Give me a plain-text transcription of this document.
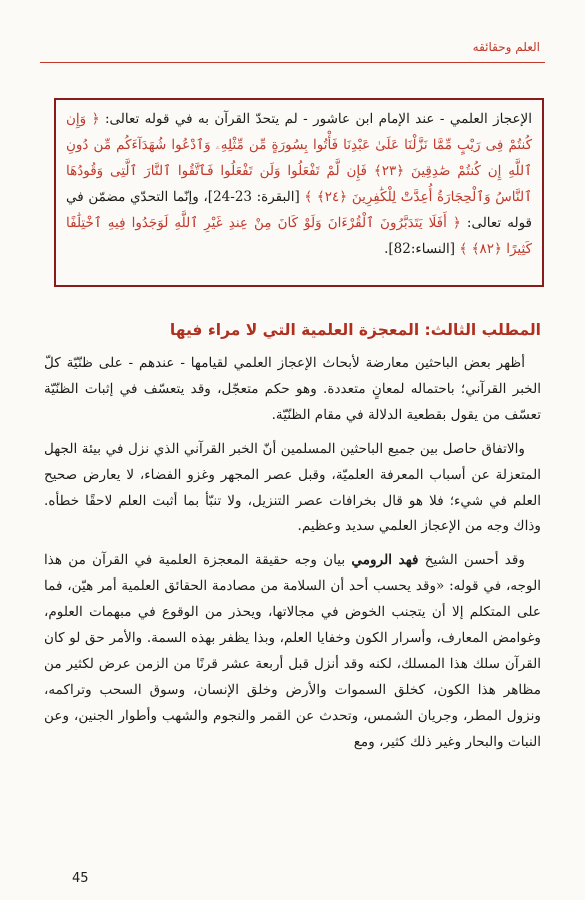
العلم وحقائقه
الإعجاز العلمي - عند الإمام ابن عاشور - لم يتحدّ القرآن به في قوله تعالى: ﴿ وَإِن كُنتُمْ فِى رَيْبٍ مِّمَّا نَزَّلْنَا عَلَىٰ عَبْدِنَا فَأْتُوا بِسُورَةٍ مِّن مِّثْلِهِۦ وَٱدْعُوا شُهَدَآءَكُم مِّن دُونِ ٱللَّهِ إِن كُنتُمْ صَٰدِقِينَ ﴿٢٣﴾ فَإِن لَّمْ تَفْعَلُوا وَلَن تَفْعَلُوا فَٱتَّقُوا ٱلنَّارَ ٱلَّتِى وَقُودُهَا ٱلنَّاسُ وَٱلْحِجَارَةُ أُعِدَّتْ لِلْكَٰفِرِينَ ﴿٢٤﴾ ﴾ [البقرة: 23-24]، وإنّما التحدّي مضمّن في قوله تعالى: ﴿ أَفَلَا يَتَدَبَّرُونَ ٱلْقُرْءَانَ وَلَوْ كَانَ مِنْ عِندِ غَيْرِ ٱللَّهِ لَوَجَدُوا فِيهِ ٱخْتِلَٰفًا كَثِيرًا ﴿٨٢﴾ ﴾ [النساء:82].
المطلب الثالث: المعجزة العلمية التي لا مراء فيها

أظهر بعض الباحثين معارضة لأبحاث الإعجاز العلمي لقيامها - عندهم - على ظنّيّة كلّ الخبر القرآني؛ باحتماله لمعانٍ متعددة. وهو حكم متعجّل، وقد يتعسّف في إثبات الظنّيّة تعسّف من يقول بقطعية الدلالة في مقام الظنّيّة.

والاتفاق حاصل بين جميع الباحثين المسلمين أنّ الخبر القرآني الذي نزل في بيئة الجهل المتعزلة عن أسباب المعرفة العلميّة، وقبل عصر المجهر وغزو الفضاء، لا يعارض صحيح العلم في شيء؛ فلا هو قال بخرافات عصر التنزيل، ولا تنبّأ بما أثبت العلم لاحقًا خطأه. وذاك وجه من الإعجاز العلمي سديد وعظيم.

وقد أحسن الشيخ فهد الرومي بيان وجه حقيقة المعجزة العلمية في القرآن من هذا الوجه، في قوله: «وقد يحسب أحد أن السلامة من مصادمة الحقائق العلمية أمر هيّن، فما على المتكلم إلا أن يتجنب الخوض في مجالاتها، ويحذر من الوقوع في مبهمات العلوم، وغوامض المعارف، وأسرار الكون وخفايا العلم، وبذا يظفر بهذه السمة. والأمر حق لو كان القرآن سلك هذا المسلك، لكنه وقد أنزل قبل أربعة عشر قرنًا من الزمن عرض لكثير من مظاهر هذا الكون، كخلق السموات والأرض وخلق الإنسان، وسوق السحب وتراكمه، ونزول المطر، وجريان الشمس، وتحدث عن القمر والنجوم والشهب وأطوار الجنين، وعن النبات والبحار وغير ذلك كثير، ومع

45
